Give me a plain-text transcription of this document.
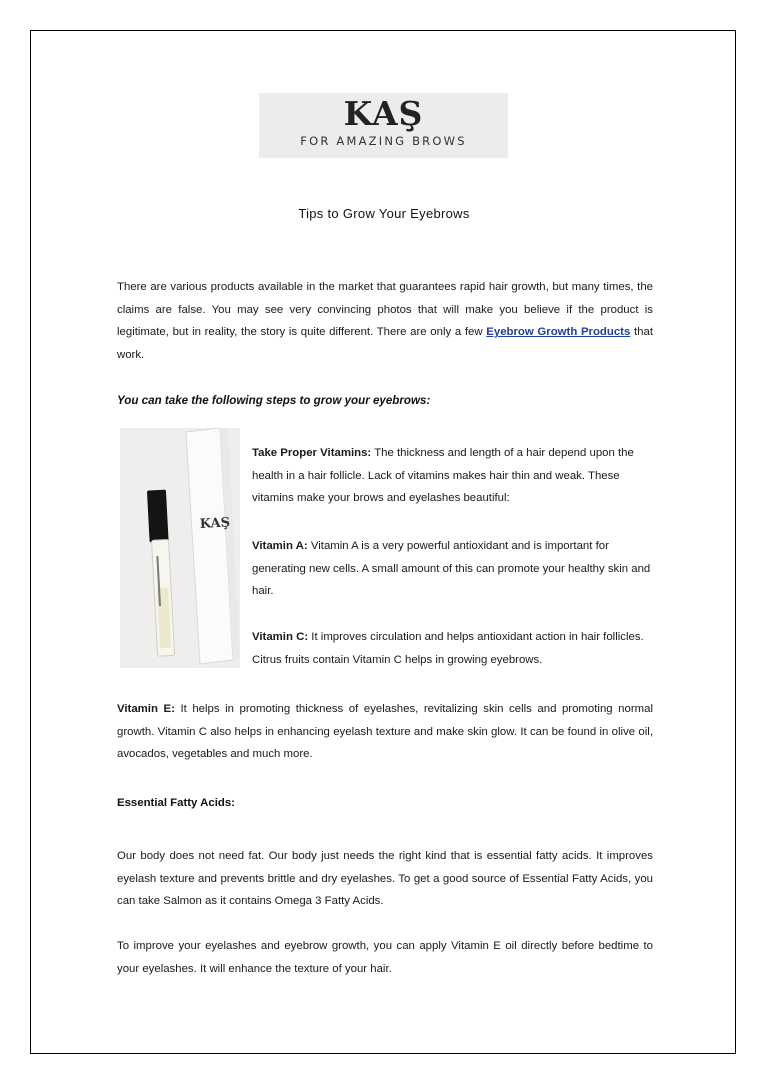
KAŞ
FOR AMAZING BROWS
Tips to Grow Your Eyebrows
There are various products available in the market that guarantees rapid hair growth, but many times, the claims are false. You may see very convincing photos that will make you believe if the product is legitimate, but in reality, the story is quite different. There are only a few Eyebrow Growth Products that work.
You can take the following steps to grow your eyebrows:
KAŞ
Take Proper Vitamins: The thickness and length of a hair depend upon the health in a hair follicle. Lack of vitamins makes hair thin and weak. These vitamins make your brows and eyelashes beautiful:
Vitamin A: Vitamin A is a very powerful antioxidant and is important for generating new cells. A small amount of this can promote your healthy skin and hair.
Vitamin C: It improves circulation and helps antioxidant action in hair follicles. Citrus fruits contain Vitamin C helps in growing eyebrows.
Vitamin E: It helps in promoting thickness of eyelashes, revitalizing skin cells and promoting normal growth. Vitamin C also helps in enhancing eyelash texture and make skin glow. It can be found in olive oil, avocados, vegetables and much more.
Essential Fatty Acids:
Our body does not need fat. Our body just needs the right kind that is essential fatty acids. It improves eyelash texture and prevents brittle and dry eyelashes. To get a good source of Essential Fatty Acids, you can take Salmon as it contains Omega 3 Fatty Acids.
To improve your eyelashes and eyebrow growth, you can apply Vitamin E oil directly before bedtime to your eyelashes. It will enhance the texture of your hair.
